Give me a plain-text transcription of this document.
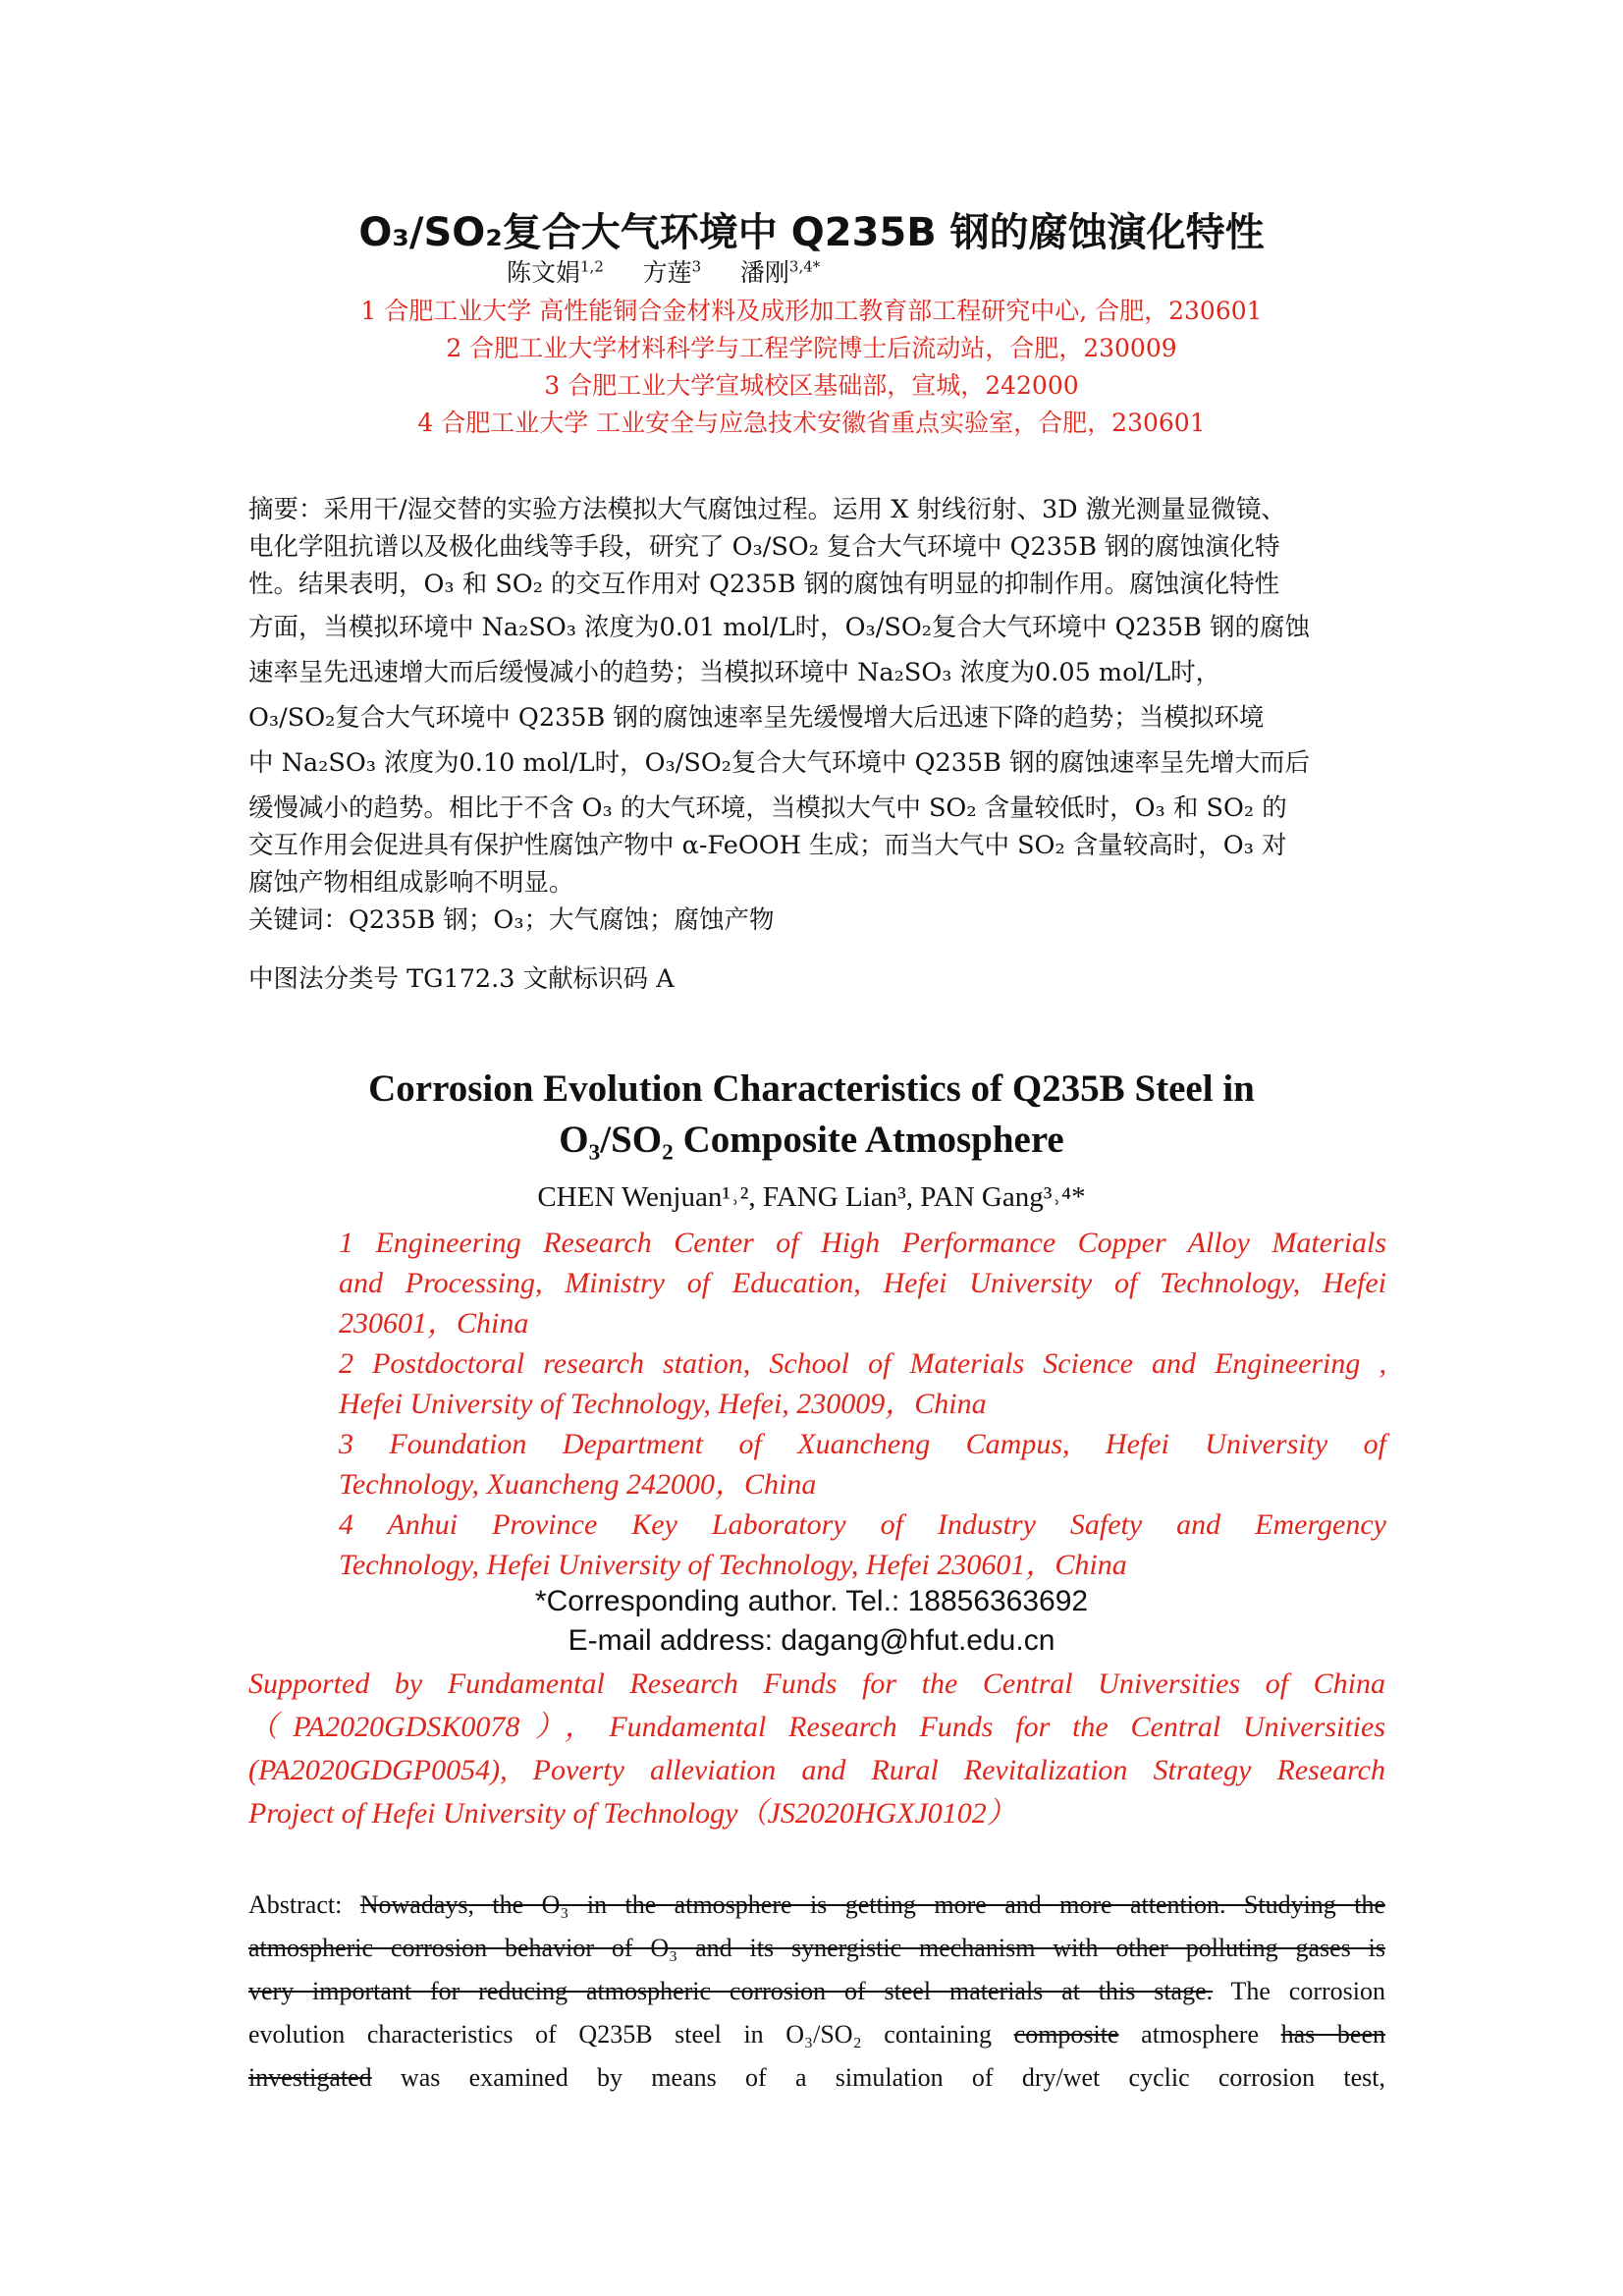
O₃/SO₂复合大气环境中 Q235B 钢的腐蚀演化特性
陈文娟$^{1,2}$ 方莲$^3$ 潘刚$^{3,4*}$
1 合肥工业大学 高性能铜合金材料及成形加工教育部工程研究中心, 合肥，230601
2 合肥工业大学材料科学与工程学院博士后流动站，合肥，230009
3 合肥工业大学宣城校区基础部，宣城，242000
4 合肥工业大学 工业安全与应急技术安徽省重点实验室，合肥，230601
摘要：采用干/湿交替的实验方法模拟大气腐蚀过程。运用 X 射线衍射、3D 激光测量显微镜、
电化学阻抗谱以及极化曲线等手段，研究了 O₃/SO₂ 复合大气环境中 Q235B 钢的腐蚀演化特
性。结果表明，O₃ 和 SO₂ 的交互作用对 Q235B 钢的腐蚀有明显的抑制作用。腐蚀演化特性
方面，当模拟环境中 Na₂SO₃ 浓度为0.01 mol/L时，O₃/SO₂复合大气环境中 Q235B 钢的腐蚀
速率呈先迅速增大而后缓慢减小的趋势；当模拟环境中 Na₂SO₃ 浓度为0.05 mol/L时，
O₃/SO₂复合大气环境中 Q235B 钢的腐蚀速率呈先缓慢增大后迅速下降的趋势；当模拟环境
中 Na₂SO₃ 浓度为0.10 mol/L时，O₃/SO₂复合大气环境中 Q235B 钢的腐蚀速率呈先增大而后
缓慢减小的趋势。相比于不含 O₃ 的大气环境，当模拟大气中 SO₂ 含量较低时，O₃ 和 SO₂ 的
交互作用会促进具有保护性腐蚀产物中 α-FeOOH 生成；而当大气中 SO₂ 含量较高时，O₃ 对
腐蚀产物相组成影响不明显。
关键词：Q235B 钢；O₃；大气腐蚀；腐蚀产物
中图法分类号 TG172.3 文献标识码 A
Corrosion Evolution Characteristics of Q235B Steel in
O₃/SO₂ Composite Atmosphere
CHEN Wenjuan¹˒², FANG Lian³, PAN Gang³˒⁴*
1 Engineering Research Center of High Performance Copper Alloy Materials
and Processing, Ministry of Education, Hefei University of Technology, Hefei
230601，China
2 Postdoctoral research station, School of Materials Science and Engineering ,
Hefei University of Technology, Hefei, 230009，China
3 Foundation Department of Xuancheng Campus, Hefei University of
Technology, Xuancheng 242000，China
4 Anhui Province Key Laboratory of Industry Safety and Emergency
Technology, Hefei University of Technology, Hefei 230601，China
*Corresponding author. Tel.: 18856363692
E-mail address: dagang@hfut.edu.cn
Supported by Fundamental Research Funds for the Central Universities of China
（PA2020GDSK0078），Fundamental Research Funds for the Central Universities
(PA2020GDGP0054), Poverty alleviation and Rural Revitalization Strategy Research
Project of Hefei University of Technology（JS2020HGXJ0102）
Abstract: Nowadays, the O₃ in the atmosphere is getting more and more attention. Studying the
atmospheric corrosion behavior of O₃ and its synergistic mechanism with other polluting gases is
very important for reducing atmospheric corrosion of steel materials at this stage. The corrosion
evolution characteristics of Q235B steel in O₃/SO₂ containing composite atmosphere has been
investigated was examined by means of a simulation of dry/wet cyclic corrosion test,
